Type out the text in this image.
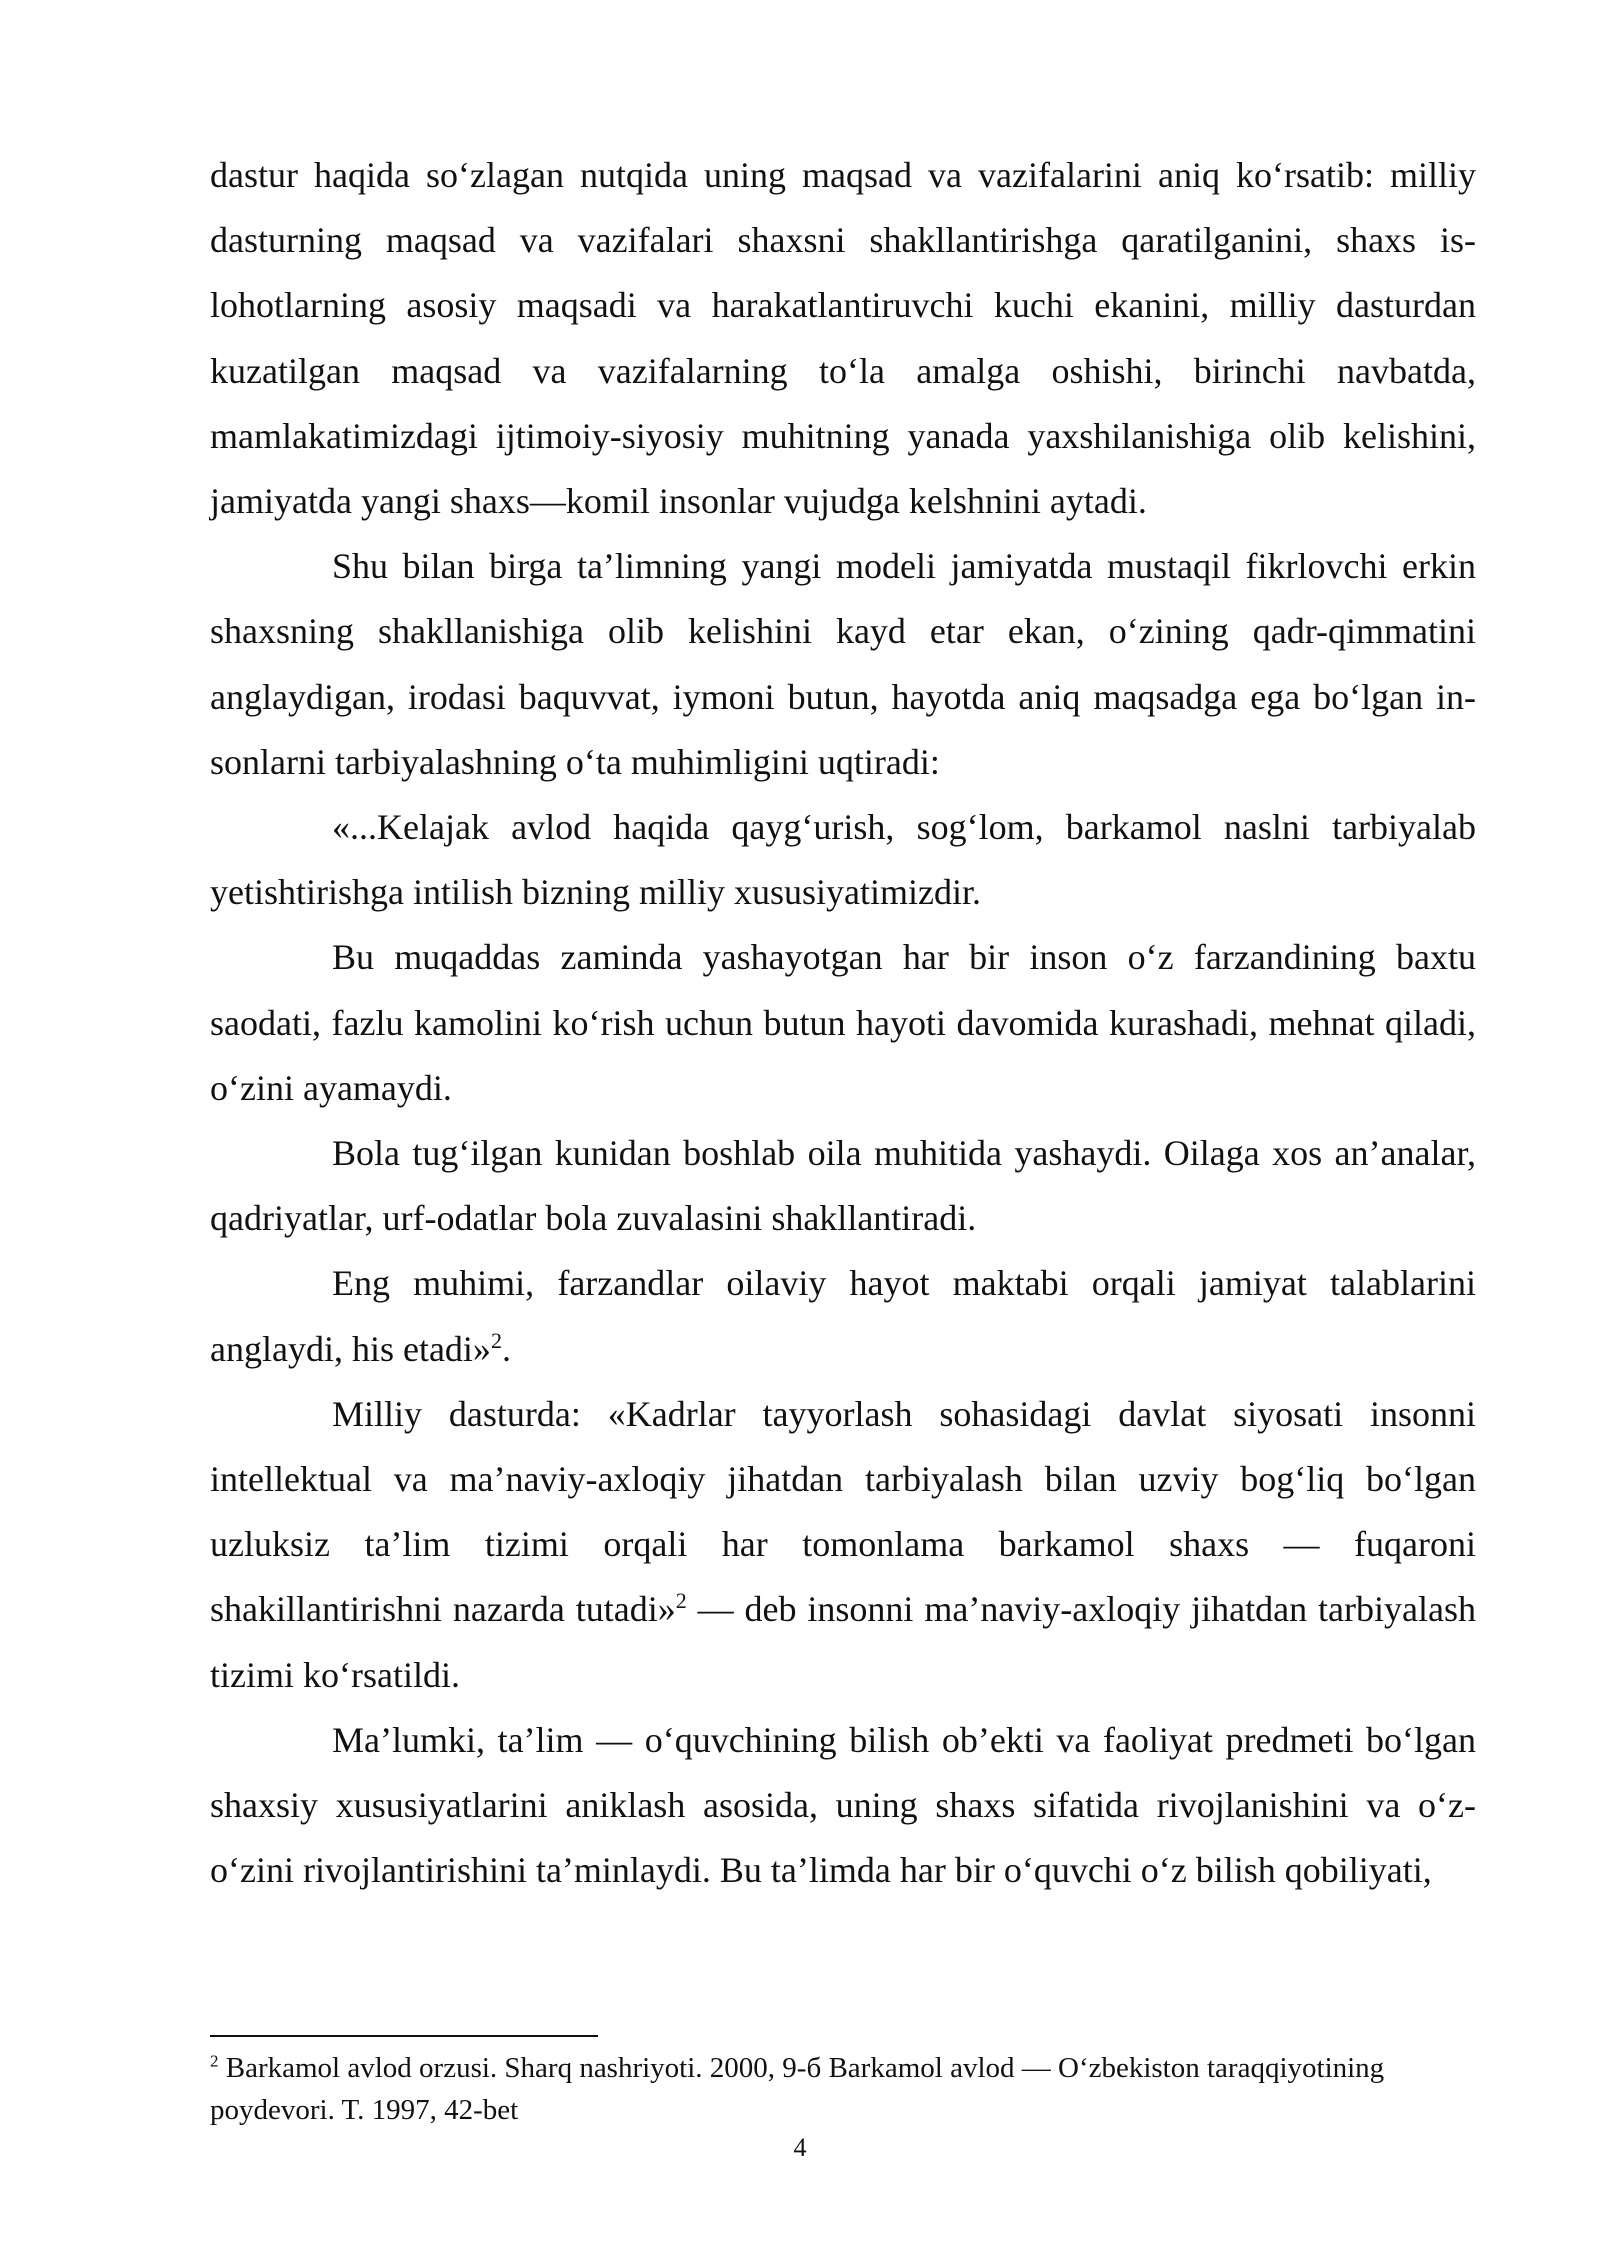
dastur haqida so‘zlagan nutqida uning maqsad va vazifalarini aniq ko‘rsatib: milliy dasturning maqsad va vazifalari shaxsni shakllantirishga qaratilganini, shaxs islohotlarning asosiy maqsadi va harakatlantiruvchi kuchi ekanini, milliy dasturdan kuzatilgan maqsad va vazifalarning to‘la amalga oshishi, birinchi navbatda, mamlakatimizdagi ijtimoiy-siyosiy muhitning yanada yaxshilanishiga olib kelishini, jamiyatda yangi shaxs—komil insonlar vujudga kelshnini aytadi.

Shu bilan birga ta’limning yangi modeli jamiyatda mustaqil fikrlovchi erkin shaxsning shakllanishiga olib kelishini kayd etar ekan, o‘zining qadr-qimmatini anglaydigan, irodasi baquvvat, iymoni butun, hayotda aniq maqsadga ega bo‘lgan insonlarni tarbiyalashning o‘ta muhimligini uqtiradi:

«...Kelajak avlod haqida qayg‘urish, sog‘lom, barkamol naslni tarbiyalab yetishtirishga intilish bizning milliy xususiyatimizdir.

Bu muqaddas zaminda yashayotgan har bir inson o‘z farzandining baxtu saodati, fazlu kamolini ko‘rish uchun butun hayoti davomida kurashadi, mehnat qiladi, o‘zini ayamaydi.

Bola tug‘ilgan kunidan boshlab oila muhitida yashaydi. Oilaga xos an’analar, qadriyatlar, urf-odatlar bola zuvalasini shakllantiradi.

Eng muhimi, farzandlar oilaviy hayot maktabi orqali jamiyat talablarini anglaydi, his etadi»$^2$.

Milliy dasturda: «Kadrlar tayyorlash sohasidagi davlat siyosati insonni intellektual va ma’naviy-axloqiy jihatdan tarbiyalash bilan uzviy bog‘liq bo‘lgan uzluksiz ta’lim tizimi orqali har tomonlama barkamol shaxs — fuqaroni shakillantirishni nazarda tutadi»$^2$ — deb insonni ma’naviy-axloqiy jihatdan tarbiyalash tizimi ko‘rsatildi.

Ma’lumki, ta’lim — o‘quvchining bilish ob’ekti va faoliyat predmeti bo‘lgan shaxsiy xususiyatlarini aniklash asosida, uning shaxs sifatida rivojlanishini va o‘z-o‘zini rivojlantirishini ta’minlaydi. Bu ta’limda har bir o‘quvchi o‘z bilish qobiliyati,

$^2$ Barkamol avlod orzusi. Sharq nashriyoti. 2000, 9-б Barkamol avlod — O‘zbekiston taraqqiyotining poydevori. T. 1997, 42-bet
4
